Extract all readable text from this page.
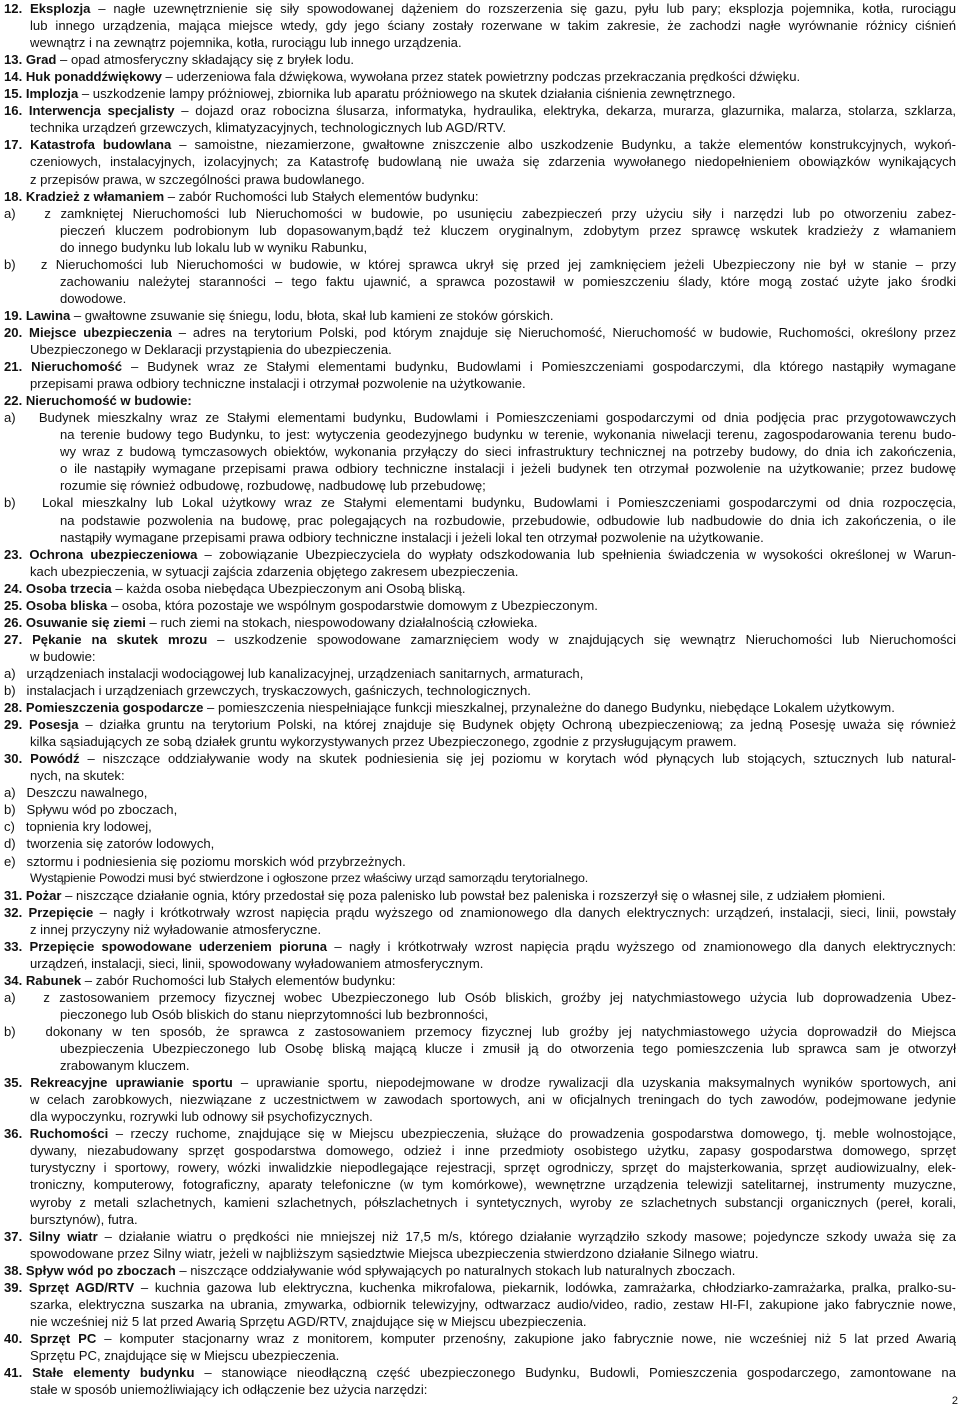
12. Eksplozja – nagłe uzewnętrznienie się siły spowodowanej dążeniem do rozszerzenia się gazu, pyłu lub pary; eksplozja pojemnika, kotła, rurociągu
lub innego urządzenia, mająca miejsce wtedy, gdy jego ściany zostały rozerwane w takim zakresie, że zachodzi nagłe wyrównanie różnicy ciśnień
wewnątrz i na zewnątrz pojemnika, kotła, rurociągu lub innego urządzenia.
13. Grad – opad atmosferyczny składający się z bryłek lodu.
14. Huk ponaddźwiękowy – uderzeniowa fala dźwiękowa, wywołana przez statek powietrzny podczas przekraczania prędkości dźwięku.
15. Implozja – uszkodzenie lampy próżniowej, zbiornika lub aparatu próżniowego na skutek działania ciśnienia zewnętrznego.
16. Interwencja specjalisty – dojazd oraz robocizna ślusarza, informatyka, hydraulika, elektryka, dekarza, murarza, glazurnika, malarza, stolarza, szklarza,
technika urządzeń grzewczych, klimatyzacyjnych, technologicznych lub AGD/RTV.
17. Katastrofa budowlana – samoistne, niezamierzone, gwałtowne zniszczenie albo uszkodzenie Budynku, a także elementów konstrukcyjnych, wykoń-
czeniowych, instalacyjnych, izolacyjnych; za Katastrofę budowlaną nie uważa się zdarzenia wywołanego niedopełnieniem obowiązków wynikających
z przepisów prawa, w szczególności prawa budowlanego.
18. Kradzież z włamaniem – zabór Ruchomości lub Stałych elementów budynku:
a)   z zamkniętej Nieruchomości lub Nieruchomości w budowie, po usunięciu zabezpieczeń przy użyciu siły i narzędzi lub po otworzeniu zabez-
pieczeń kluczem podrobionym lub dopasowanym,bądź też kluczem oryginalnym, zdobytym przez sprawcę wskutek kradzieży z włamaniem
do innego budynku lub lokalu lub w wyniku Rabunku,
b)   z Nieruchomości lub Nieruchomości w budowie, w której sprawca ukrył się przed jej zamknięciem jeżeli Ubezpieczony nie był w stanie – przy
zachowaniu należytej staranności – tego faktu ujawnić, a sprawca pozostawił w pomieszczeniu ślady, które mogą zostać użyte jako środki
dowodowe.
19. Lawina – gwałtowne zsuwanie się śniegu, lodu, błota, skał lub kamieni ze stoków górskich.
20. Miejsce ubezpieczenia – adres na terytorium Polski, pod którym znajduje się Nieruchomość, Nieruchomość w budowie, Ruchomości, określony przez
Ubezpieczonego w Deklaracji przystąpienia do ubezpieczenia.
21. Nieruchomość – Budynek wraz ze Stałymi elementami budynku, Budowlami i Pomieszczeniami gospodarczymi, dla którego nastąpiły wymagane
przepisami prawa odbiory techniczne instalacji i otrzymał pozwolenie na użytkowanie.
22. Nieruchomość w budowie:
a)   Budynek mieszkalny wraz ze Stałymi elementami budynku, Budowlami i Pomieszczeniami gospodarczymi od dnia podjęcia prac przygotowawczych
na terenie budowy tego Budynku, to jest: wytyczenia geodezyjnego budynku w terenie, wykonania niwelacji terenu, zagospodarowania terenu budo-
wy wraz z budową tymczasowych obiektów, wykonania przyłączy do sieci infrastruktury technicznej na potrzeby budowy, do dnia ich zakończenia,
o ile nastąpiły wymagane przepisami prawa odbiory techniczne instalacji i jeżeli budynek ten otrzymał pozwolenie na użytkowanie; przez budowę
rozumie się również odbudowę, rozbudowę, nadbudowę lub przebudowę;
b)   Lokal mieszkalny lub Lokal użytkowy wraz ze Stałymi elementami budynku, Budowlami i Pomieszczeniami gospodarczymi od dnia rozpoczęcia,
na podstawie pozwolenia na budowę, prac polegających na rozbudowie, przebudowie, odbudowie lub nadbudowie do dnia ich zakończenia, o ile
nastąpiły wymagane przepisami prawa odbiory techniczne instalacji i jeżeli lokal ten otrzymał pozwolenie na użytkowanie.
23. Ochrona ubezpieczeniowa – zobowiązanie Ubezpieczyciela do wypłaty odszkodowania lub spełnienia świadczenia w wysokości określonej w Warun-
kach ubezpieczenia, w sytuacji zajścia zdarzenia objętego zakresem ubezpieczenia.
24. Osoba trzecia – każda osoba niebędąca Ubezpieczonym ani Osobą bliską.
25. Osoba bliska – osoba, która pozostaje we wspólnym gospodarstwie domowym z Ubezpieczonym.
26. Osuwanie się ziemi – ruch ziemi na stokach, niespowodowany działalnością człowieka.
27. Pękanie na skutek mrozu – uszkodzenie spowodowane zamarznięciem wody w znajdujących się wewnątrz Nieruchomości lub Nieruchomości
w budowie:
a)   urządzeniach instalacji wodociągowej lub kanalizacyjnej, urządzeniach sanitarnych, armaturach,
b)   instalacjach i urządzeniach grzewczych, tryskaczowych, gaśniczych, technologicznych.
28. Pomieszczenia gospodarcze – pomieszczenia niespełniające funkcji mieszkalnej, przynależne do danego Budynku, niebędące Lokalem użytkowym.
29. Posesja – działka gruntu na terytorium Polski, na której znajduje się Budynek objęty Ochroną ubezpieczeniową; za jedną Posesję uważa się również
kilka sąsiadujących ze sobą działek gruntu wykorzystywanych przez Ubezpieczonego, zgodnie z przysługującym prawem.
30. Powódź – niszczące oddziaływanie wody na skutek podniesienia się jej poziomu w korytach wód płynących lub stojących, sztucznych lub natural-
nych, na skutek:
a)   Deszczu nawalnego,
b)   Spływu wód po zboczach,
c)   topnienia kry lodowej,
d)   tworzenia się zatorów lodowych,
e)   sztormu i podniesienia się poziomu morskich wód przybrzeżnych.
Wystąpienie Powodzi musi być stwierdzone i ogłoszone przez właściwy urząd samorządu terytorialnego.
31. Pożar – niszczące działanie ognia, który przedostał się poza palenisko lub powstał bez paleniska i rozszerzył się o własnej sile, z udziałem płomieni.
32. Przepięcie – nagły i krótkotrwały wzrost napięcia prądu wyższego od znamionowego dla danych elektrycznych: urządzeń, instalacji, sieci, linii, powstały
z innej przyczyny niż wyładowanie atmosferyczne.
33. Przepięcie spowodowane uderzeniem pioruna – nagły i krótkotrwały wzrost napięcia prądu wyższego od znamionowego dla danych elektrycznych:
urządzeń, instalacji, sieci, linii, spowodowany wyładowaniem atmosferycznym.
34. Rabunek – zabór Ruchomości lub Stałych elementów budynku:
a)   z zastosowaniem przemocy fizycznej wobec Ubezpieczonego lub Osób bliskich, groźby jej natychmiastowego użycia lub doprowadzenia Ubez-
pieczonego lub Osób bliskich do stanu nieprzytomności lub bezbronności,
b)   dokonany w ten sposób, że sprawca z zastosowaniem przemocy fizycznej lub groźby jej natychmiastowego użycia doprowadził do Miejsca
ubezpieczenia Ubezpieczonego lub Osobę bliską mającą klucze i zmusił ją do otworzenia tego pomieszczenia lub sprawca sam je otworzył
zrabowanym kluczem.
35. Rekreacyjne uprawianie sportu – uprawianie sportu, niepodejmowane w drodze rywalizacji dla uzyskania maksymalnych wyników sportowych, ani
w celach zarobkowych, niezwiązane z uczestnictwem w zawodach sportowych, ani w oficjalnych treningach do tych zawodów, podejmowane jedynie
dla wypoczynku, rozrywki lub odnowy sił psychofizycznych.
36. Ruchomości – rzeczy ruchome, znajdujące się w Miejscu ubezpieczenia, służące do prowadzenia gospodarstwa domowego, tj. meble wolnostojące,
dywany, niezabudowany sprzęt gospodarstwa domowego, odzież i inne przedmioty osobistego użytku, zapasy gospodarstwa domowego, sprzęt
turystyczny i sportowy, rowery, wózki inwalidzkie niepodlegające rejestracji, sprzęt ogrodniczy, sprzęt do majsterkowania, sprzęt audiowizualny, elek-
troniczny, komputerowy, fotograficzny, aparaty telefoniczne (w tym komórkowe), wewnętrzne urządzenia telewizji satelitarnej, instrumenty muzyczne,
wyroby z metali szlachetnych, kamieni szlachetnych, półszlachetnych i syntetycznych, wyroby ze szlachetnych substancji organicznych (pereł, korali,
bursztynów), futra.
37. Silny wiatr – działanie wiatru o prędkości nie mniejszej niż 17,5 m/s, którego działanie wyrządziło szkody masowe; pojedyncze szkody uważa się za
spowodowane przez Silny wiatr, jeżeli w najbliższym sąsiedztwie Miejsca ubezpieczenia stwierdzono działanie Silnego wiatru.
38. Spływ wód po zboczach – niszczące oddziaływanie wód spływających po naturalnych stokach lub naturalnych zboczach.
39. Sprzęt AGD/RTV – kuchnia gazowa lub elektryczna, kuchenka mikrofalowa, piekarnik, lodówka, zamrażarka, chłodziarko-zamrażarka, pralka, pralko-su-
szarka, elektryczna suszarka na ubrania, zmywarka, odbiornik telewizyjny, odtwarzacz audio/video, radio, zestaw HI-FI, zakupione jako fabrycznie nowe,
nie wcześniej niż 5 lat przed Awarią Sprzętu AGD/RTV, znajdujące się w Miejscu ubezpieczenia.
40. Sprzęt PC – komputer stacjonarny wraz z monitorem, komputer przenośny, zakupione jako fabrycznie nowe, nie wcześniej niż 5 lat przed Awarią
Sprzętu PC, znajdujące się w Miejscu ubezpieczenia.
41. Stałe elementy budynku – stanowiące nieodłączną część ubezpieczonego Budynku, Budowli, Pomieszczenia gospodarczego, zamontowane na
stałe w sposób uniemożliwiający ich odłączenie bez użycia narzędzi:
2
